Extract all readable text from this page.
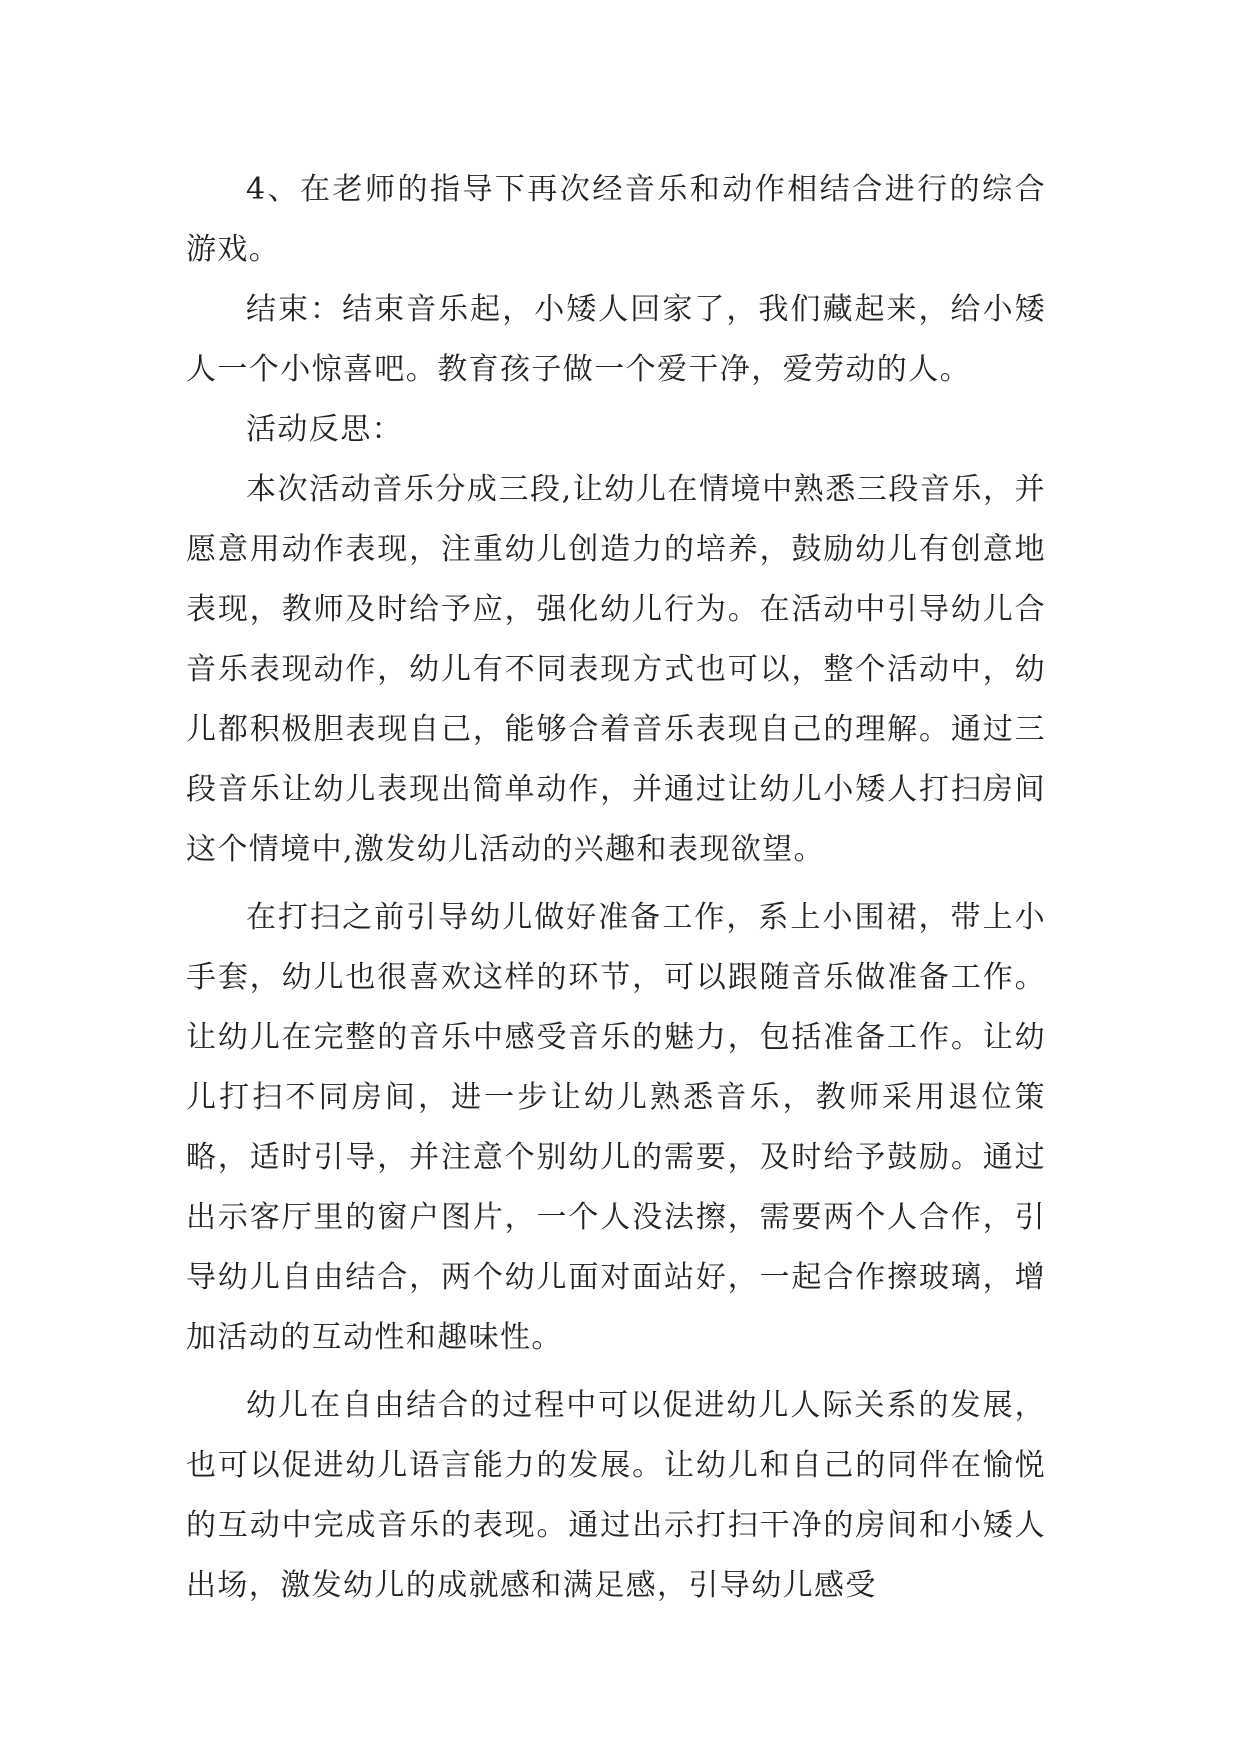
4、在老师的指导下再次经音乐和动作相结合进行的综合游戏。

结束：结束音乐起，小矮人回家了，我们藏起来，给小矮人一个小惊喜吧。教育孩子做一个爱干净，爱劳动的人。

活动反思：

本次活动音乐分成三段,让幼儿在情境中熟悉三段音乐，并愿意用动作表现，注重幼儿创造力的培养，鼓励幼儿有创意地表现，教师及时给予应，强化幼儿行为。在活动中引导幼儿合音乐表现动作，幼儿有不同表现方式也可以，整个活动中，幼儿都积极胆表现自己，能够合着音乐表现自己的理解。通过三段音乐让幼儿表现出简单动作，并通过让幼儿小矮人打扫房间这个情境中,激发幼儿活动的兴趣和表现欲望。

在打扫之前引导幼儿做好准备工作，系上小围裙，带上小手套，幼儿也很喜欢这样的环节，可以跟随音乐做准备工作。让幼儿在完整的音乐中感受音乐的魅力，包括准备工作。让幼儿打扫不同房间，进一步让幼儿熟悉音乐，教师采用退位策略，适时引导，并注意个别幼儿的需要，及时给予鼓励。通过出示客厅里的窗户图片，一个人没法擦，需要两个人合作，引导幼儿自由结合，两个幼儿面对面站好，一起合作擦玻璃，增加活动的互动性和趣味性。

幼儿在自由结合的过程中可以促进幼儿人际关系的发展，也可以促进幼儿语言能力的发展。让幼儿和自己的同伴在愉悦的互动中完成音乐的表现。通过出示打扫干净的房间和小矮人出场，激发幼儿的成就感和满足感，引导幼儿感受
